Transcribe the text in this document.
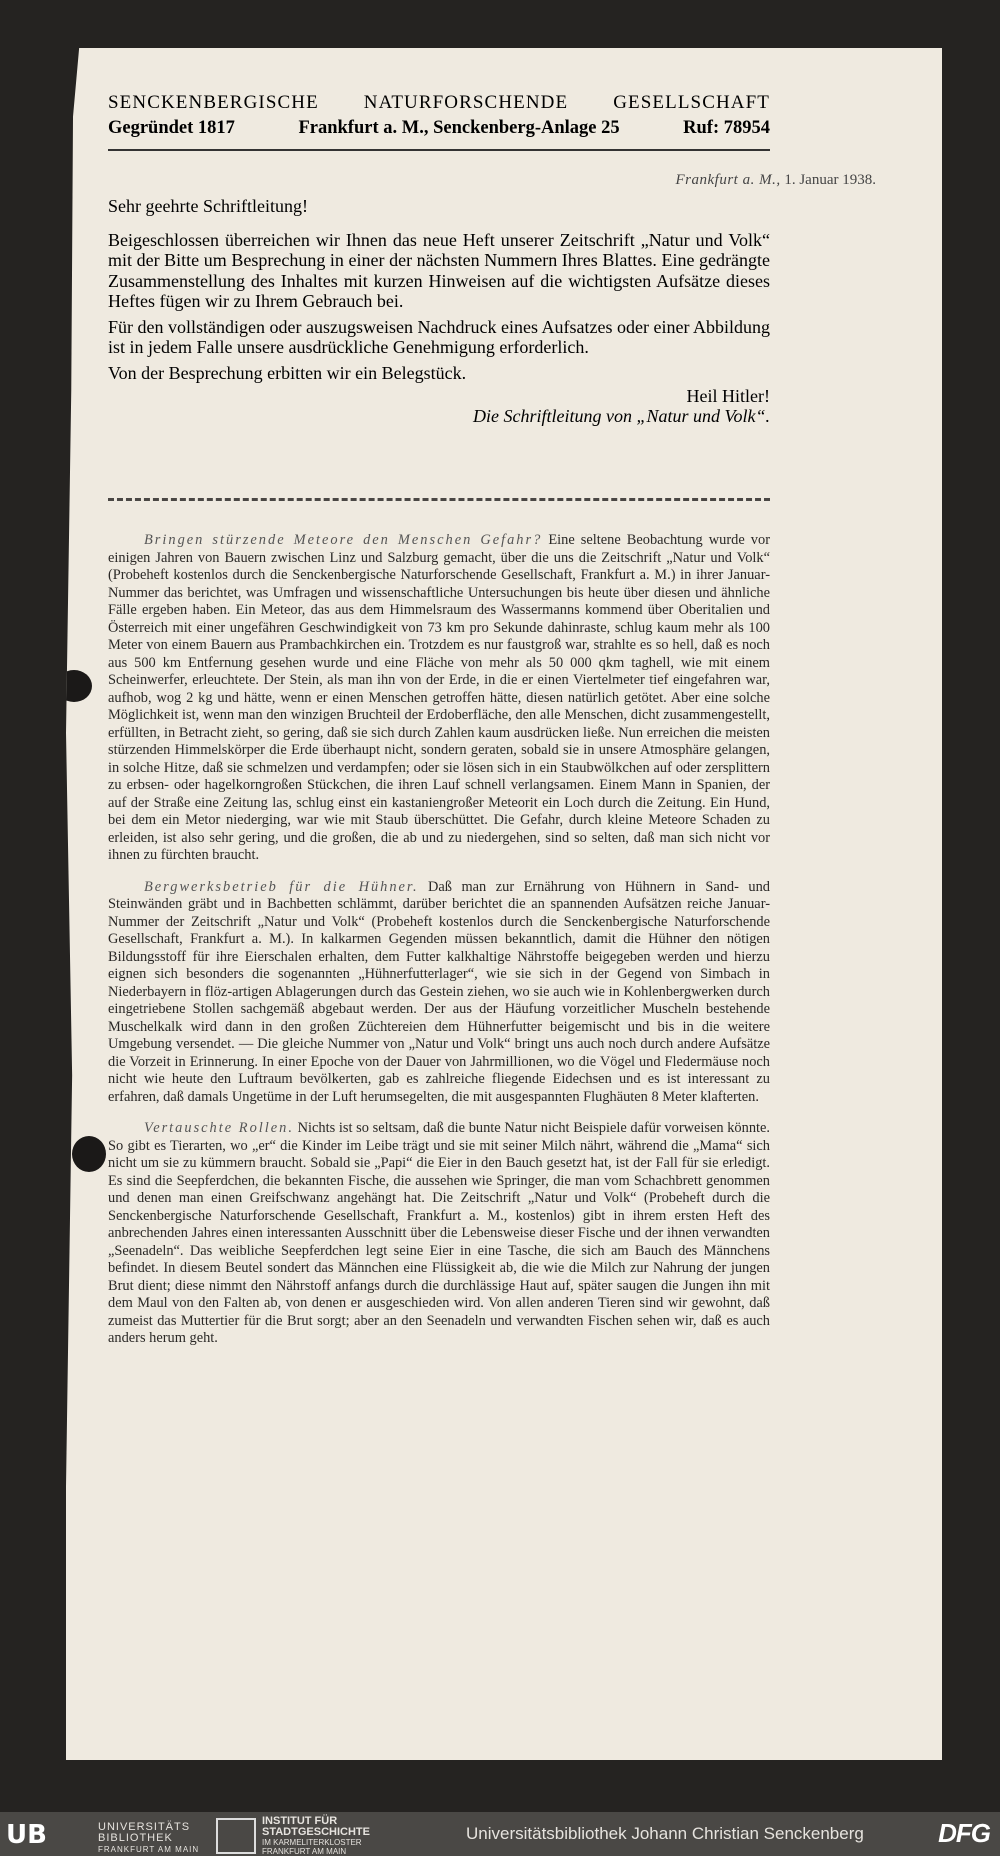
SENCKENBERGISCHE NATURFORSCHENDE GESELLSCHAFT
Gegründet 1817	Frankfurt a. M., Senckenberg-Anlage 25	Ruf: 78954
Frankfurt a. M., 1. Januar 1938.

Sehr geehrte Schriftleitung!

Beigeschlossen überreichen wir Ihnen das neue Heft unserer Zeitschrift „Natur und Volk“ mit der Bitte um Besprechung in einer der nächsten Nummern Ihres Blattes. Eine gedrängte Zusammenstellung des Inhaltes mit kurzen Hinweisen auf die wichtigsten Aufsätze dieses Heftes fügen wir zu Ihrem Gebrauch bei.

Für den vollständigen oder auszugsweisen Nachdruck eines Aufsatzes oder einer Abbildung ist in jedem Falle unsere ausdrückliche Genehmigung erforderlich.

Von der Besprechung erbitten wir ein Belegstück.

Heil Hitler!

Die Schriftleitung von „Natur und Volk“.

Bringen stürzende Meteore den Menschen Gefahr? Eine seltene Beobachtung wurde vor einigen Jahren von Bauern zwischen Linz und Salzburg gemacht, über die uns die Zeitschrift „Natur und Volk“ (Probeheft kostenlos durch die Senckenbergische Naturforschende Gesellschaft, Frankfurt a. M.) in ihrer Januar-Nummer das berichtet, was Umfragen und wissenschaftliche Untersuchungen bis heute über diesen und ähnliche Fälle ergeben haben. Ein Meteor, das aus dem Himmelsraum des Wassermanns kommend über Oberitalien und Österreich mit einer ungefähren Geschwindigkeit von 73 km pro Sekunde dahinraste, schlug kaum mehr als 100 Meter von einem Bauern aus Prambachkirchen ein. Trotzdem es nur faustgroß war, strahlte es so hell, daß es noch aus 500 km Entfernung gesehen wurde und eine Fläche von mehr als 50 000 qkm taghell, wie mit einem Scheinwerfer, erleuchtete. Der Stein, als man ihn von der Erde, in die er einen Viertelmeter tief eingefahren war, aufhob, wog 2 kg und hätte, wenn er einen Menschen getroffen hätte, diesen natürlich getötet. Aber eine solche Möglichkeit ist, wenn man den winzigen Bruchteil der Erdoberfläche, den alle Menschen, dicht zusammengestellt, erfüllten, in Betracht zieht, so gering, daß sie sich durch Zahlen kaum ausdrücken ließe. Nun erreichen die meisten stürzenden Himmelskörper die Erde überhaupt nicht, sondern geraten, sobald sie in unsere Atmosphäre gelangen, in solche Hitze, daß sie schmelzen und verdampfen; oder sie lösen sich in ein Staubwölkchen auf oder zersplittern zu erbsen- oder hagelkorngroßen Stückchen, die ihren Lauf schnell verlangsamen. Einem Mann in Spanien, der auf der Straße eine Zeitung las, schlug einst ein kastaniengroßer Meteorit ein Loch durch die Zeitung. Ein Hund, bei dem ein Metor niederging, war wie mit Staub überschüttet. Die Gefahr, durch kleine Meteore Schaden zu erleiden, ist also sehr gering, und die großen, die ab und zu niedergehen, sind so selten, daß man sich nicht vor ihnen zu fürchten braucht.

Bergwerksbetrieb für die Hühner. Daß man zur Ernährung von Hühnern in Sand- und Steinwänden gräbt und in Bachbetten schlämmt, darüber berichtet die an spannenden Aufsätzen reiche Januar-Nummer der Zeitschrift „Natur und Volk“ (Probeheft kostenlos durch die Senckenbergische Naturforschende Gesellschaft, Frankfurt a. M.). In kalkarmen Gegenden müssen bekanntlich, damit die Hühner den nötigen Bildungsstoff für ihre Eierschalen erhalten, dem Futter kalkhaltige Nährstoffe beigegeben werden und hierzu eignen sich besonders die sogenannten „Hühnerfutterlager“, wie sie sich in der Gegend von Simbach in Niederbayern in flöz-artigen Ablagerungen durch das Gestein ziehen, wo sie auch wie in Kohlenbergwerken durch eingetriebene Stollen sachgemäß abgebaut werden. Der aus der Häufung vorzeitlicher Muscheln bestehende Muschelkalk wird dann in den großen Züchtereien dem Hühnerfutter beigemischt und bis in die weitere Umgebung versendet. — Die gleiche Nummer von „Natur und Volk“ bringt uns auch noch durch andere Aufsätze die Vorzeit in Erinnerung. In einer Epoche von der Dauer von Jahrmillionen, wo die Vögel und Fledermäuse noch nicht wie heute den Luftraum bevölkerten, gab es zahlreiche fliegende Eidechsen und es ist interessant zu erfahren, daß damals Ungetüme in der Luft herumsegelten, die mit ausgespannten Flughäuten 8 Meter klafterten.

Vertauschte Rollen. Nichts ist so seltsam, daß die bunte Natur nicht Beispiele dafür vorweisen könnte. So gibt es Tierarten, wo „er“ die Kinder im Leibe trägt und sie mit seiner Milch nährt, während die „Mama“ sich nicht um sie zu kümmern braucht. Sobald sie „Papi“ die Eier in den Bauch gesetzt hat, ist der Fall für sie erledigt. Es sind die Seepferdchen, die bekannten Fische, die aussehen wie Springer, die man vom Schachbrett genommen und denen man einen Greifschwanz angehängt hat. Die Zeitschrift „Natur und Volk“ (Probeheft durch die Senckenbergische Naturforschende Gesellschaft, Frankfurt a. M., kostenlos) gibt in ihrem ersten Heft des anbrechenden Jahres einen interessanten Ausschnitt über die Lebensweise dieser Fische und der ihnen verwandten „Seenadeln“. Das weibliche Seepferdchen legt seine Eier in eine Tasche, die sich am Bauch des Männchens befindet. In diesem Beutel sondert das Männchen eine Flüssigkeit ab, die wie die Milch zur Nahrung der jungen Brut dient; diese nimmt den Nährstoff anfangs durch die durchlässige Haut auf, später saugen die Jungen ihn mit dem Maul von den Falten ab, von denen er ausgeschieden wird. Von allen anderen Tieren sind wir gewohnt, daß zumeist das Muttertier für die Brut sorgt; aber an den Seenadeln und verwandten Fischen sehen wir, daß es auch anders herum geht.

UB	UNIVERSITÄTS
BIBLIOTHEK
FRANKFURT AM MAIN
INSTITUT FÜR
STADTGESCHICHTE
IM KARMELITERKLOSTER
FRANKFURT AM MAIN
Universitätsbibliothek Johann Christian Senckenberg	DFG
